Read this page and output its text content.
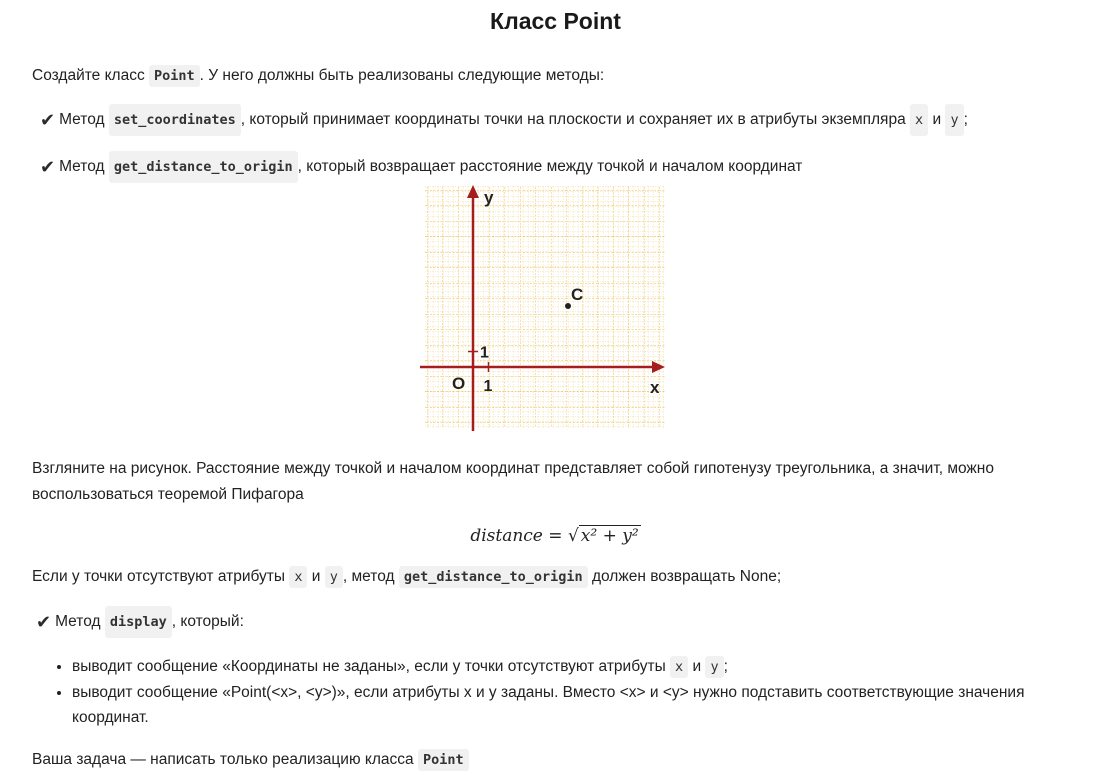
Класс Point

Создайте класс Point . У него должны быть реализованы следующие методы:

✔ Метод
set_coordinates , который принимает координаты точки на плоскости и сохраняет их в атрибуты экземпляра
x
и
y ;
✔ Метод
get_distance_to_origin , который возвращает расстояние между точкой и началом координат
y
x
O 1
1
C

Взгляните на рисунок. Расстояние между точкой и началом координат представляет собой гипотенузу треугольника, а значит, можно
воспользоваться теоремой Пифагора

distance = √ x² + y²

Если у точки отсутствуют атрибуты x и y , метод get_distance_to_origin должен возвращать None;

✔ Метод
display , который:
• выводит сообщение «Координаты не заданы», если у точки отсутствуют атрибуты x и y ;
• выводит сообщение «Point(<x>, <y>)», если атрибуты x и y заданы. Вместо <x> и <y> нужно подставить соответствующие значения координат.

Ваша задача — написать только реализацию класса Point
